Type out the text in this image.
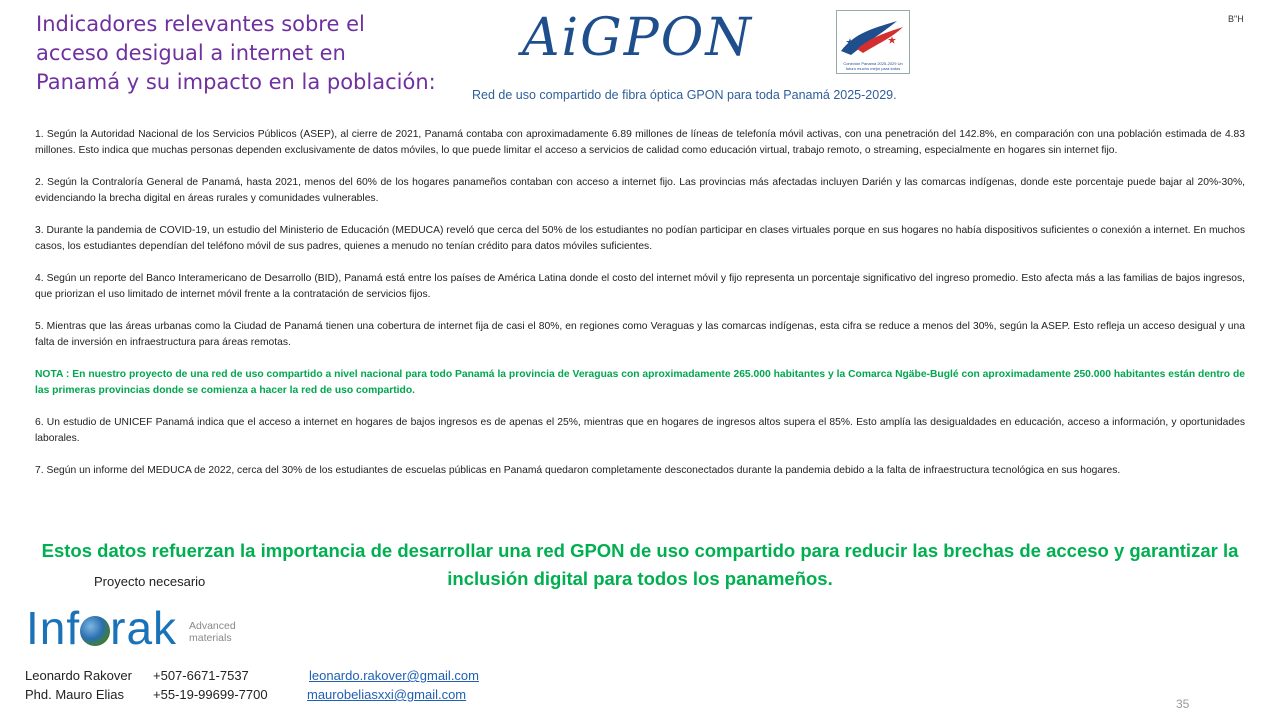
Indicadores relevantes sobre el acceso desigual a internet en Panamá y su impacto en la población:
AiGPON	Conexión Panamá 2025-2029 Un futuro mucho mejor para todos
B"H
Red de uso compartido de fibra óptica GPON para toda Panamá 2025-2029.

1. Según la Autoridad Nacional de los Servicios Públicos (ASEP), al cierre de 2021, Panamá contaba con aproximadamente 6.89 millones de líneas de telefonía móvil activas, con una penetración del 142.8%, en comparación con una población estimada de 4.83 millones. Esto indica que muchas personas dependen exclusivamente de datos móviles, lo que puede limitar el acceso a servicios de calidad como educación virtual, trabajo remoto, o streaming, especialmente en hogares sin internet fijo.

2. Según la Contraloría General de Panamá, hasta 2021, menos del 60% de los hogares panameños contaban con acceso a internet fijo. Las provincias más afectadas incluyen Darién y las comarcas indígenas, donde este porcentaje puede bajar al 20%-30%, evidenciando la brecha digital en áreas rurales y comunidades vulnerables.

3. Durante la pandemia de COVID-19, un estudio del Ministerio de Educación (MEDUCA) reveló que cerca del 50% de los estudiantes no podían participar en clases virtuales porque en sus hogares no había dispositivos suficientes o conexión a internet. En muchos casos, los estudiantes dependían del teléfono móvil de sus padres, quienes a menudo no tenían crédito para datos móviles suficientes.

4. Según un reporte del Banco Interamericano de Desarrollo (BID), Panamá está entre los países de América Latina donde el costo del internet móvil y fijo representa un porcentaje significativo del ingreso promedio. Esto afecta más a las familias de bajos ingresos, que priorizan el uso limitado de internet móvil frente a la contratación de servicios fijos.

5. Mientras que las áreas urbanas como la Ciudad de Panamá tienen una cobertura de internet fija de casi el 80%, en regiones como Veraguas y las comarcas indígenas, esta cifra se reduce a menos del 30%, según la ASEP. Esto refleja un acceso desigual y una falta de inversión en infraestructura para áreas remotas.

NOTA : En nuestro proyecto de una red de uso compartido a nivel nacional para todo Panamá la provincia de Veraguas con aproximadamente 265.000 habitantes y la Comarca Ngäbe-Buglé con aproximadamente 250.000 habitantes están dentro de las primeras provincias donde se comienza a hacer la red de uso compartido.

6. Un estudio de UNICEF Panamá indica que el acceso a internet en hogares de bajos ingresos es de apenas el 25%, mientras que en hogares de ingresos altos supera el 85%. Esto amplía las desigualdades en educación, acceso a información, y oportunidades laborales.

7. Según un informe del MEDUCA de 2022, cerca del 30% de los estudiantes de escuelas públicas en Panamá quedaron completamente desconectados durante la pandemia debido a la falta de infraestructura tecnológica en sus hogares.

Estos datos refuerzan la importancia de desarrollar una red GPON de uso compartido para reducir las brechas de acceso y garantizar la inclusión digital para todos los panameños.
Proyecto necesario
Inf rak Advanced
materials
Leonardo Rakover +507-6671-7537	leonardo.rakover@gmail.com
Phd. Mauro Elias +55-19-99699-7700	maurobeliasxxi@gmail.com
35
